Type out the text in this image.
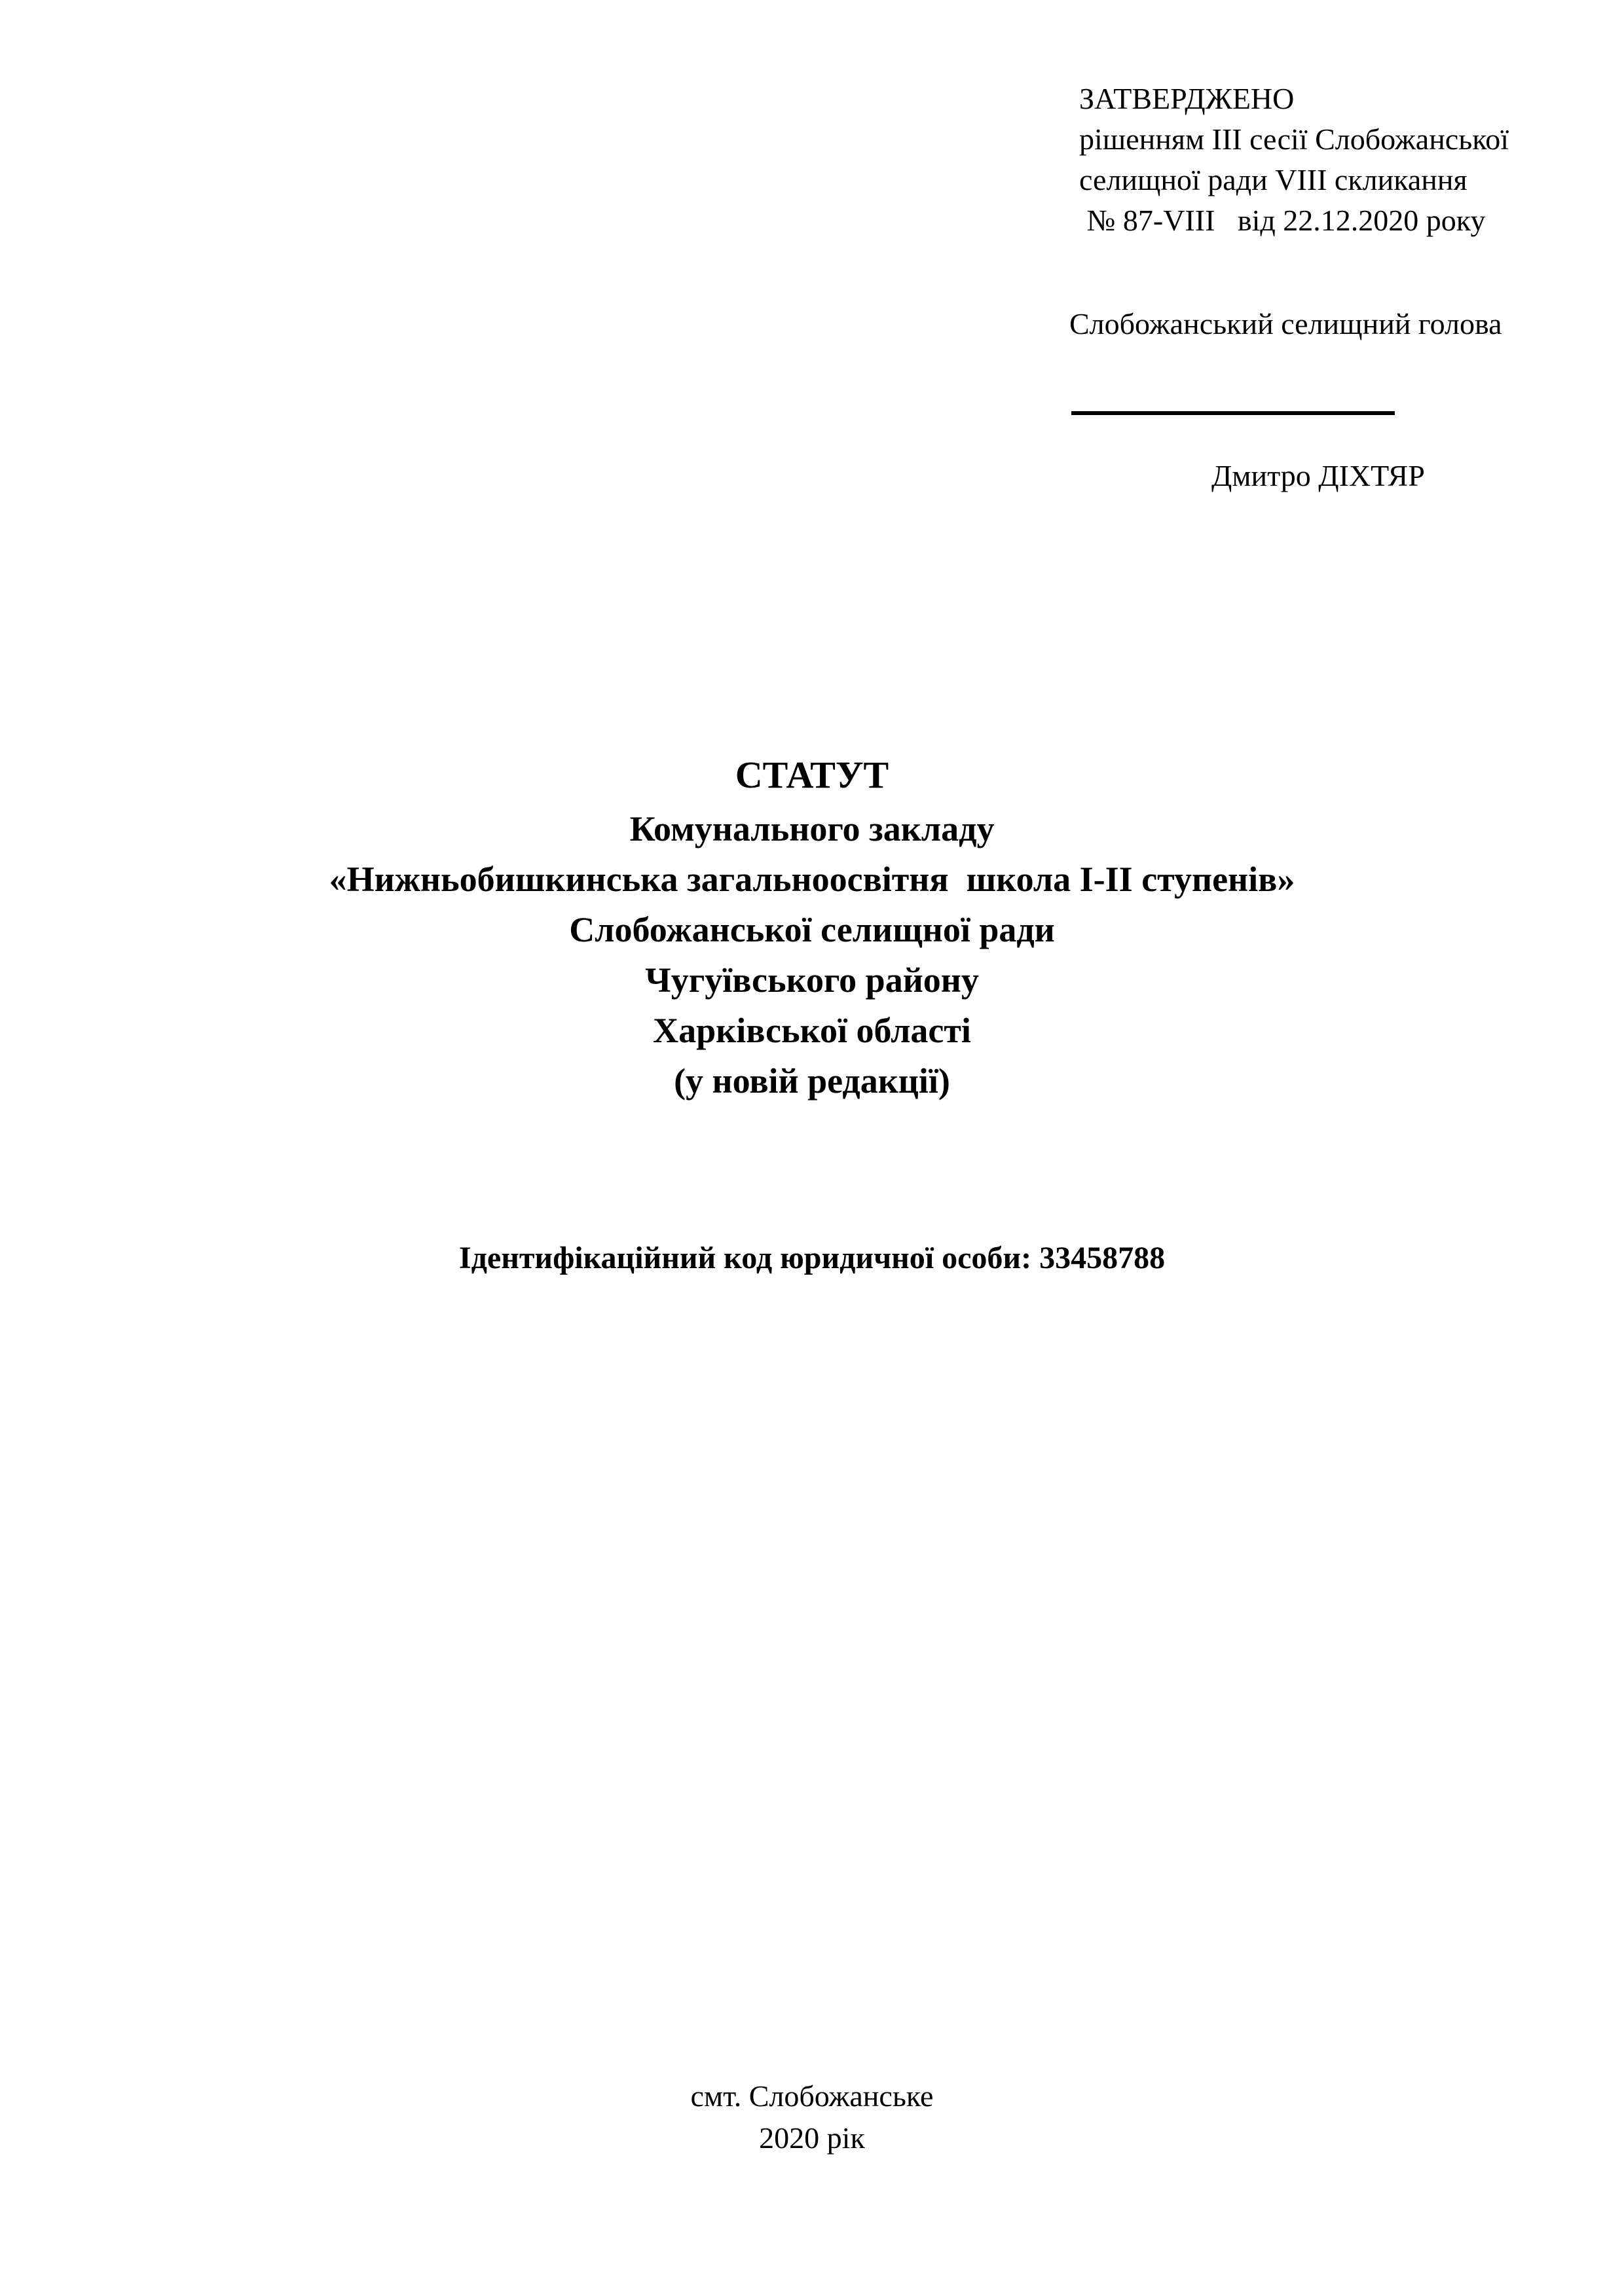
ЗАТВЕРДЖЕНО
рішенням ІІІ сесії Слобожанської
селищної ради VІІІ скликання
№ 87-VIII   від 22.12.2020 року
Слобожанський селищний голова
Дмитро ДІХТЯР
СТАТУТ
Комунального закладу
«Нижньобишкинська загальноосвітня  школа І-ІІ ступенів»
Слобожанської селищної ради
Чугуївського району
Харківської області
(у новій редакції)
Ідентифікаційний код юридичної особи: 33458788
смт. Слобожанське
2020 рік
